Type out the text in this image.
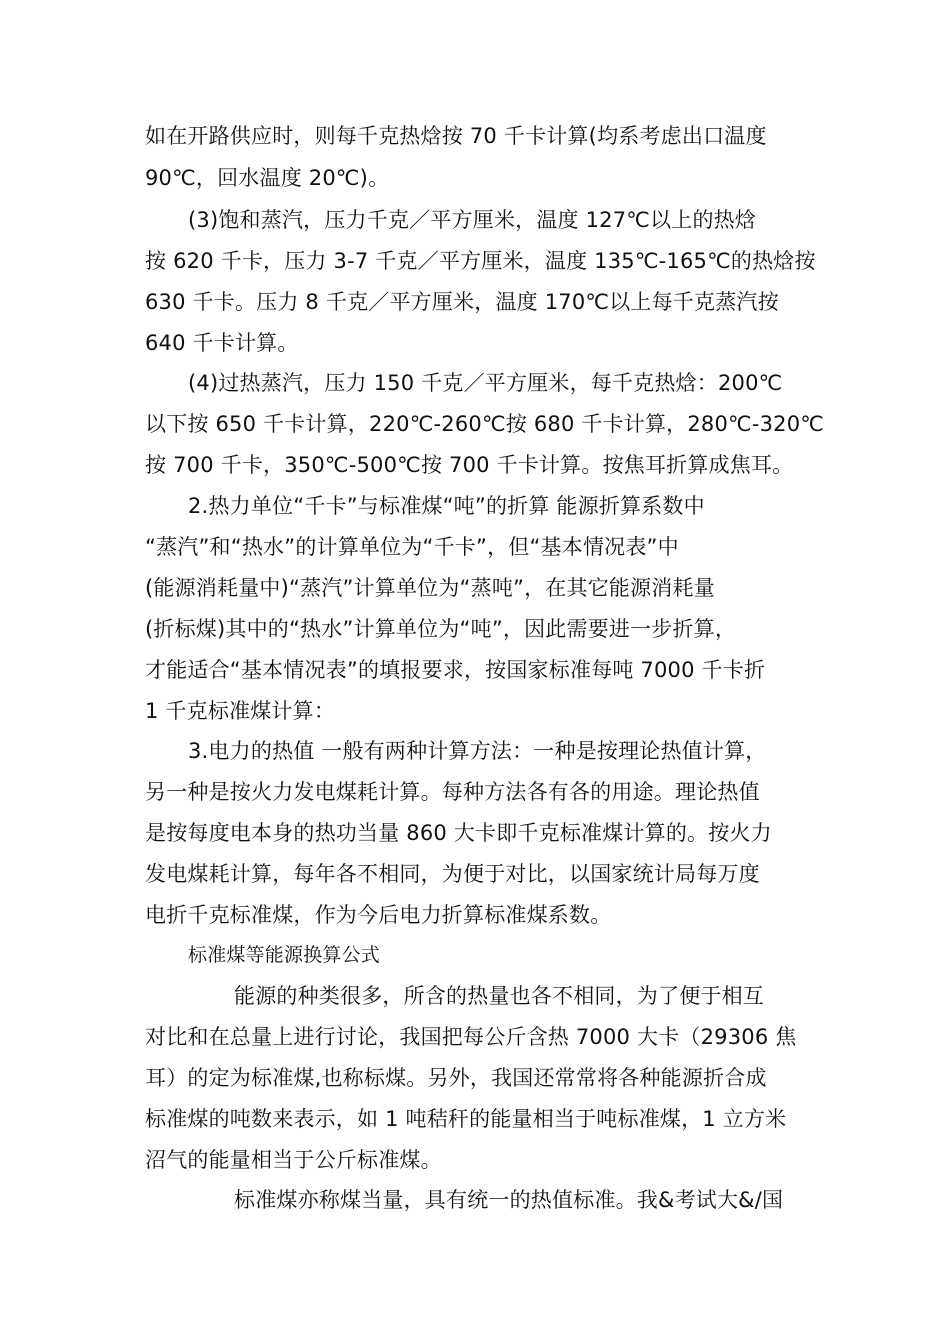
如在开路供应时，则每千克热焓按 70 千卡计算(均系考虑出口温度
90℃，回水温度 20℃)。
(3)饱和蒸汽，压力千克／平方厘米，温度 127℃以上的热焓
按 620 千卡，压力 3-7 千克／平方厘米，温度 135℃-165℃的热焓按
630 千卡。压力 8 千克／平方厘米，温度 170℃以上每千克蒸汽按
640 千卡计算。
(4)过热蒸汽，压力 150 千克／平方厘米，每千克热焓：200℃
以下按 650 千卡计算，220℃-260℃按 680 千卡计算，280℃-320℃
按 700 千卡，350℃-500℃按 700 千卡计算。按焦耳折算成焦耳。
2.热力单位“千卡”与标准煤“吨”的折算 能源折算系数中
“蒸汽”和“热水”的计算单位为“千卡”，但“基本情况表”中
(能源消耗量中)“蒸汽”计算单位为“蒸吨”，在其它能源消耗量
(折标煤)其中的“热水”计算单位为“吨”，因此需要进一步折算，
才能适合“基本情况表”的填报要求，按国家标准每吨 7000 千卡折
1 千克标准煤计算：
3.电力的热值 一般有两种计算方法：一种是按理论热值计算，
另一种是按火力发电煤耗计算。每种方法各有各的用途。理论热值
是按每度电本身的热功当量 860 大卡即千克标准煤计算的。按火力
发电煤耗计算，每年各不相同，为便于对比，以国家统计局每万度
电折千克标准煤，作为今后电力折算标准煤系数。
标准煤等能源换算公式
能源的种类很多，所含的热量也各不相同，为了便于相互
对比和在总量上进行讨论，我国把每公斤含热 7000 大卡（29306 焦
耳）的定为标准煤,也称标煤。另外，我国还常常将各种能源折合成
标准煤的吨数来表示，如 1 吨秸秆的能量相当于吨标准煤，1 立方米
沼气的能量相当于公斤标准煤。
标准煤亦称煤当量，具有统一的热值标准。我&考试大&/国
